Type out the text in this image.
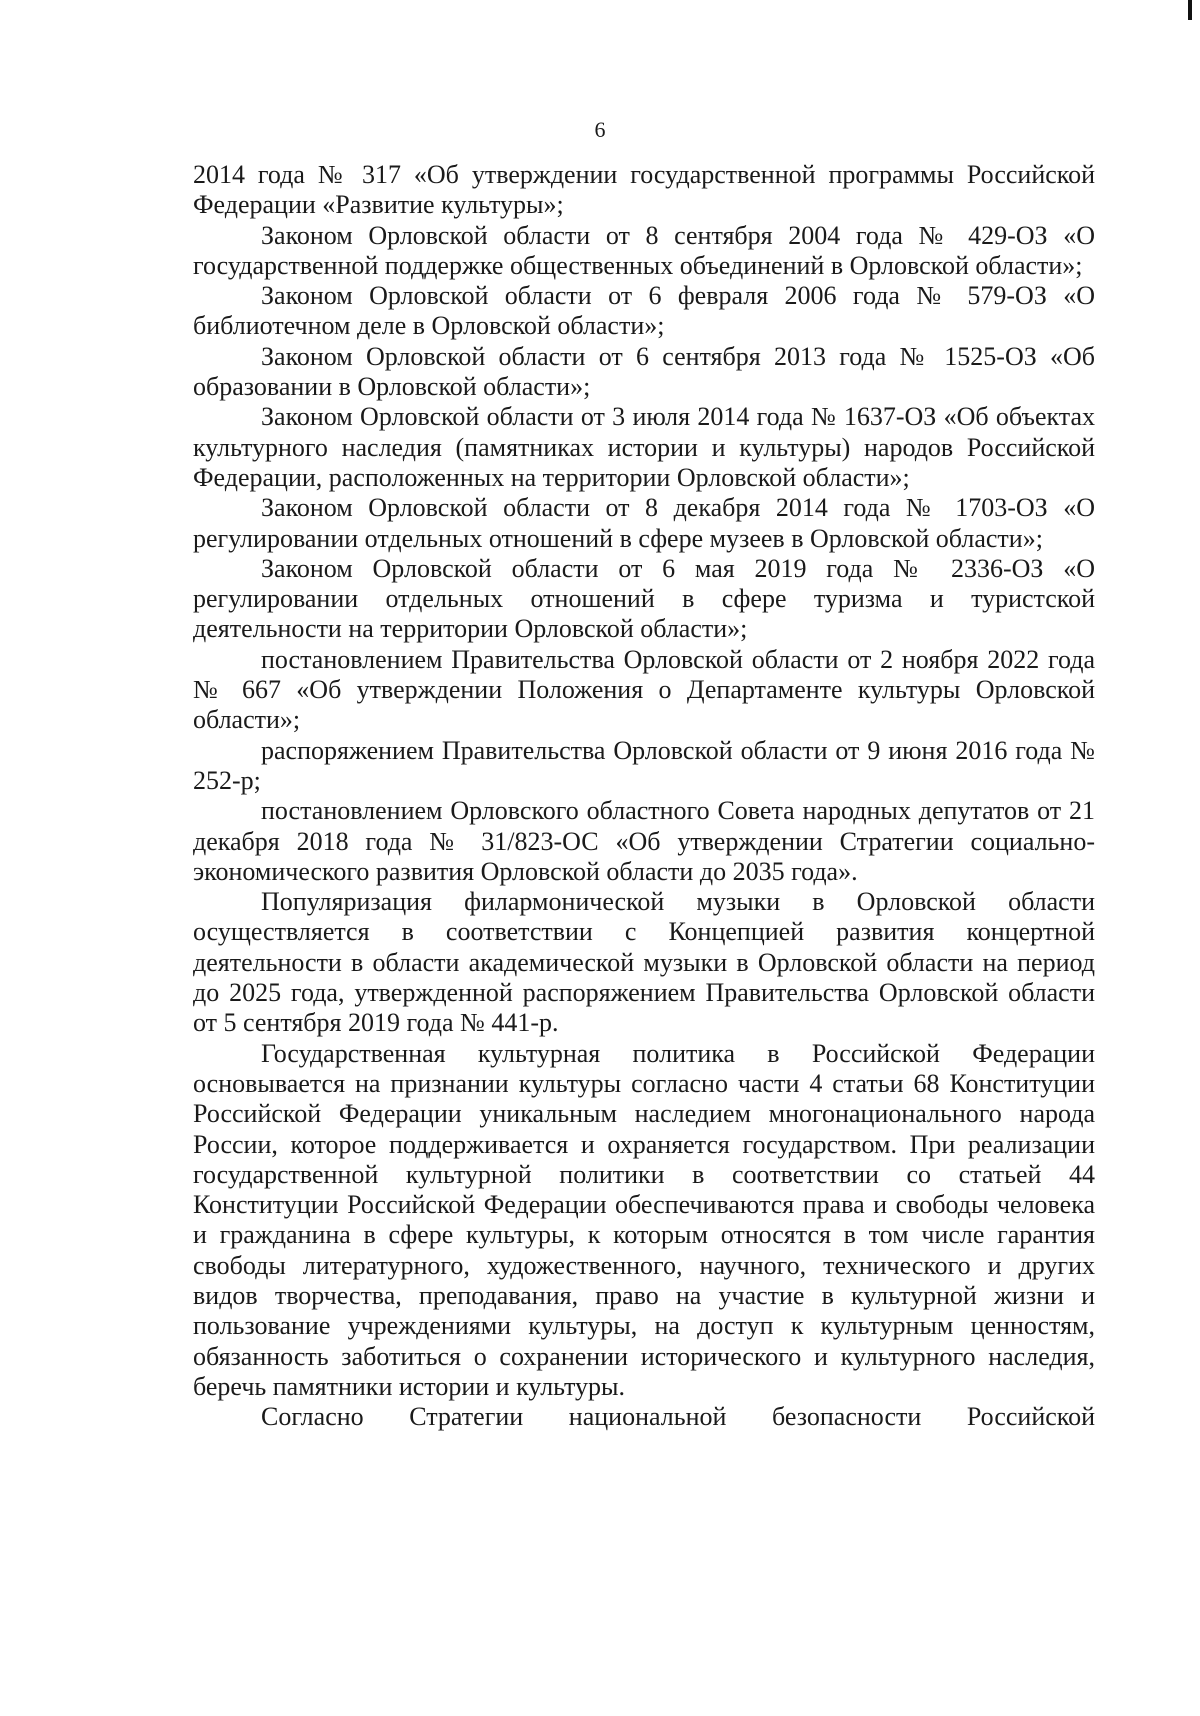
6

2014 года № 317 «Об утверждении государственной программы Российской Федерации «Развитие культуры»;

Законом Орловской области от 8 сентября 2004 года № 429-ОЗ «О государственной поддержке общественных объединений в Орловской области»;

Законом Орловской области от 6 февраля 2006 года № 579-ОЗ «О библиотечном деле в Орловской области»;

Законом Орловской области от 6 сентября 2013 года № 1525-ОЗ «Об образовании в Орловской области»;

Законом Орловской области от 3 июля 2014 года № 1637-ОЗ «Об объектах культурного наследия (памятниках истории и культуры) народов Российской Федерации, расположенных на территории Орловской области»;

Законом Орловской области от 8 декабря 2014 года № 1703-ОЗ «О регулировании отдельных отношений в сфере музеев в Орловской области»;

Законом Орловской области от 6 мая 2019 года № 2336-ОЗ «О регулировании отдельных отношений в сфере туризма и туристской деятельности на территории Орловской области»;

постановлением Правительства Орловской области от 2 ноября 2022 года № 667 «Об утверждении Положения о Департаменте культуры Орловской области»;

распоряжением Правительства Орловской области от 9 июня 2016 года № 252-р;

постановлением Орловского областного Совета народных депутатов от 21 декабря 2018 года № 31/823-ОС «Об утверждении Стратегии социально-экономического развития Орловской области до 2035 года».

Популяризация филармонической музыки в Орловской области осуществляется в соответствии с Концепцией развития концертной деятельности в области академической музыки в Орловской области на период до 2025 года, утвержденной распоряжением Правительства Орловской области от 5 сентября 2019 года № 441-р.

Государственная культурная политика в Российской Федерации основывается на признании культуры согласно части 4 статьи 68 Конституции Российской Федерации уникальным наследием многонационального народа России, которое поддерживается и охраняется государством. При реализации государственной культурной политики в соответствии со статьей 44 Конституции Российской Федерации обеспечиваются права и свободы человека и гражданина в сфере культуры, к которым относятся в том числе гарантия свободы литературного, художественного, научного, технического и других видов творчества, преподавания, право на участие в культурной жизни и пользование учреждениями культуры, на доступ к культурным ценностям, обязанность заботиться о сохранении исторического и культурного наследия, беречь памятники истории и культуры.

Согласно Стратегии национальной безопасности Российской
